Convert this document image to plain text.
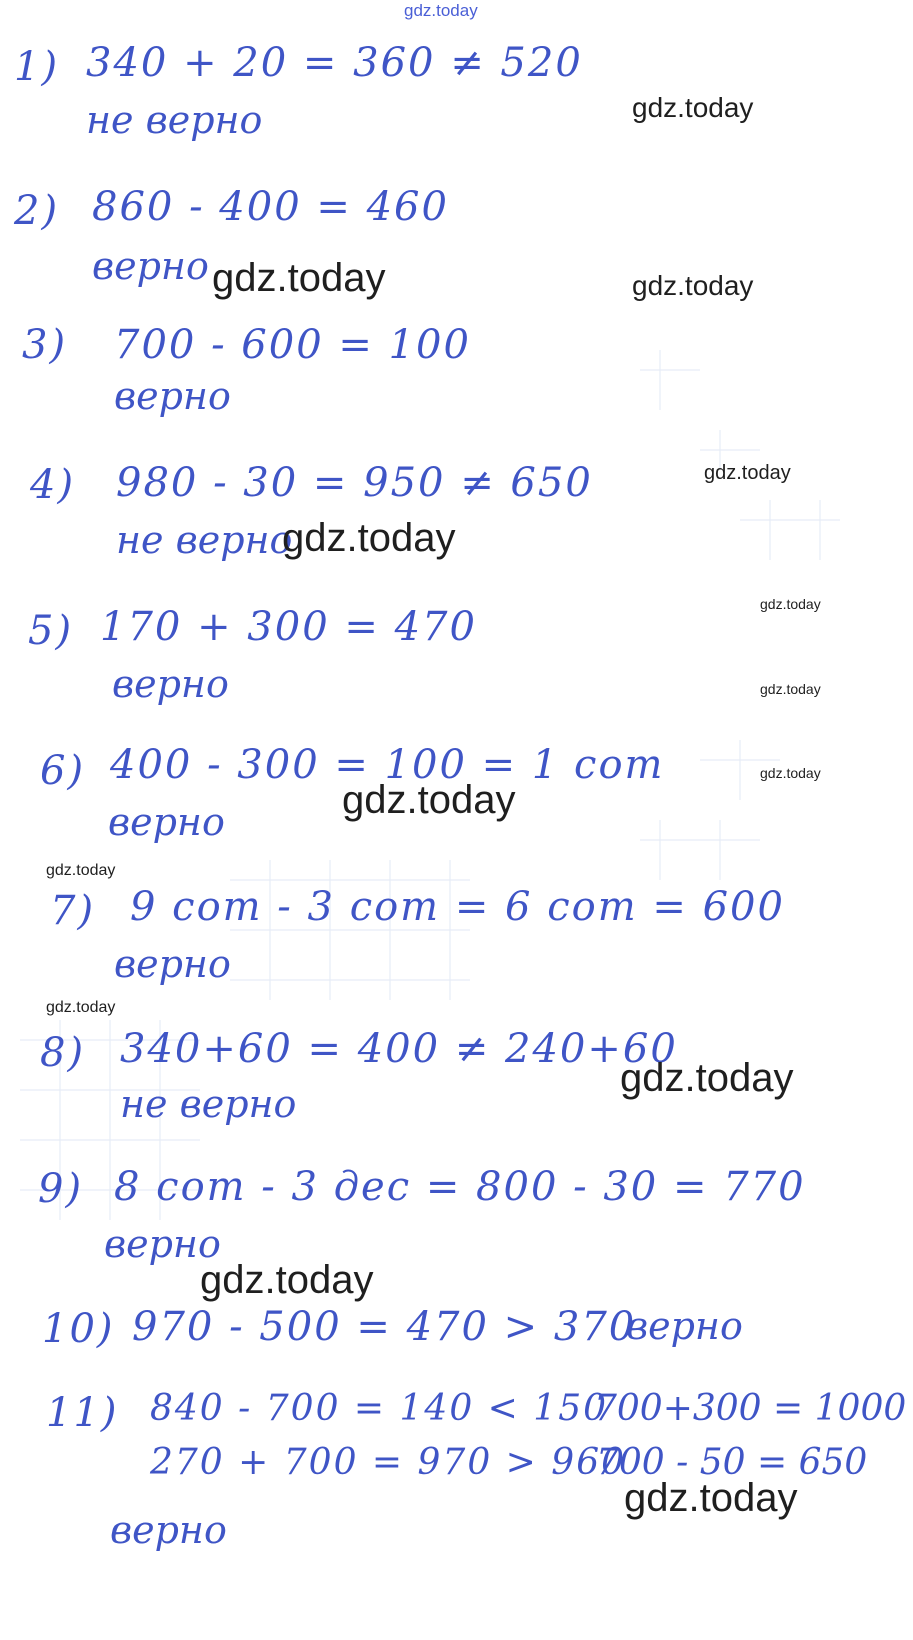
gdz.today
1) 340 + 20 = 360 ≠ 520
не верно
2) 860 - 400 = 460
верно
3) 700 - 600 = 100
верно
4) 980 - 30 = 950 ≠ 650
не верно
5) 170 + 300 = 470
верно
6) 400 - 300 = 100 = 1 сот
верно
7) 9 сот - 3 сот = 6 сот = 600
верно
8) 340+60 = 400 ≠ 240+60
не верно
9) 8 сот - 3 дес = 800 - 30 = 770
верно
10) 970 - 500 = 470 > 370
верно
11) 840 - 700 = 140 < 150
270 + 700 = 970 > 960
700+300 = 1000
700 - 50 = 650
верно
gdz.today
gdz.today	gdz.today
gdz.today
gdz.today
gdz.today
gdz.today
gdz.today
gdz.today
gdz.today
gdz.today
gdz.today
gdz.today
gdz.today
